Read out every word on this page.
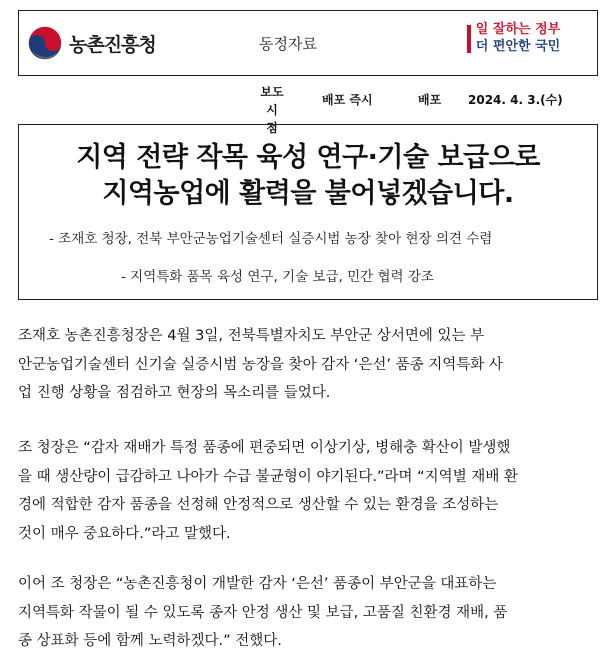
농촌진흥청	동정자료
일 잘하는 정부
더 편안한 국민
보도 시
점
배포 즉시	배포 2024. 4. 3.(수)
지역 전략 작목 육성 연구·기술 보급으로
지역농업에 활력을 불어넣겠습니다.
- 조재호 청장, 전북 부안군농업기술센터 실증시범 농장 찾아 현장 의견 수렴
- 지역특화 품목 육성 연구, 기술 보급, 민간 협력 강조
조재호 농촌진흥청장은 4월 3일, 전북특별자치도 부안군 상서면에 있는 부
안군농업기술센터 신기술 실증시범 농장을 찾아 감자 ‘은선’ 품종 지역특화 사
업 진행 상황을 점검하고 현장의 목소리를 들었다.
조 청장은 “감자 재배가 특정 품종에 편중되면 이상기상, 병해충 확산이 발생했
을 때 생산량이 급감하고 나아가 수급 불균형이 야기된다.”라며 “지역별 재배 환
경에 적합한 감자 품종을 선정해 안정적으로 생산할 수 있는 환경을 조성하는
것이 매우 중요하다.”라고 말했다.
이어 조 청장은 “농촌진흥청이 개발한 감자 ‘은선’ 품종이 부안군을 대표하는
지역특화 작물이 될 수 있도록 종자 안정 생산 및 보급, 고품질 친환경 재배, 품
종 상표화 등에 함께 노력하겠다.” 전했다.
